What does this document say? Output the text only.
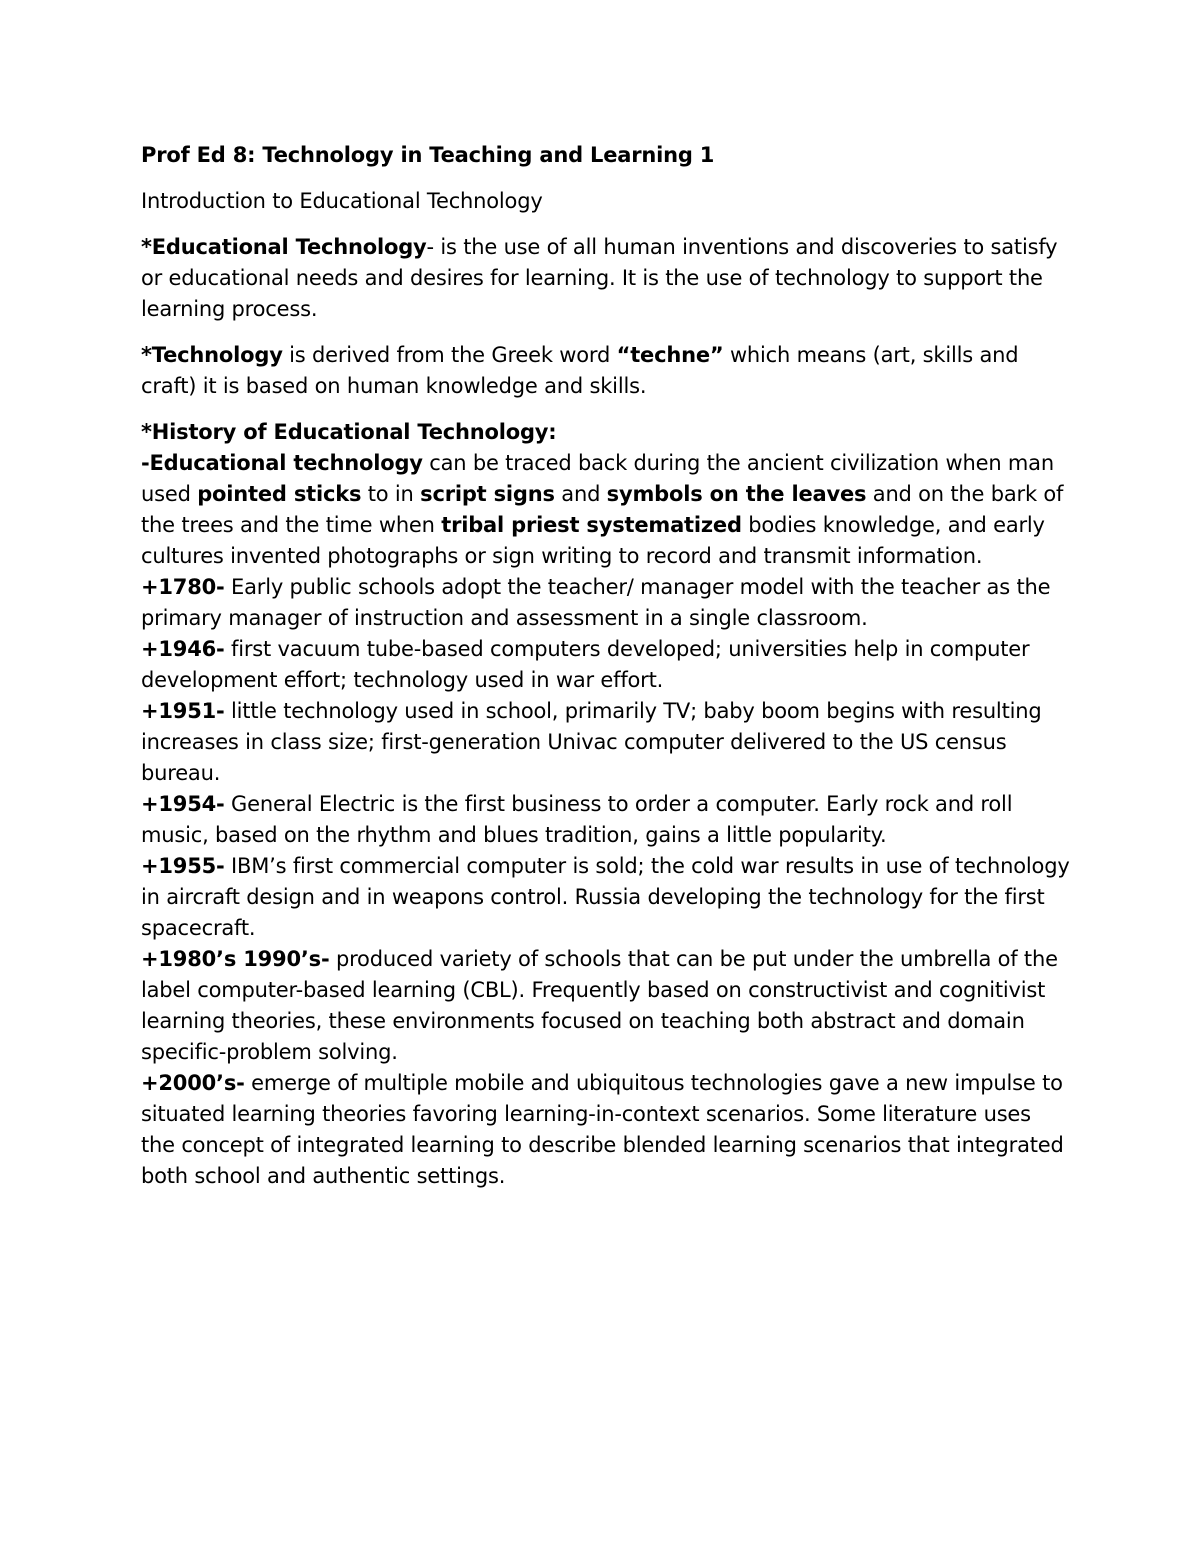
Prof Ed 8: Technology in Teaching and Learning 1

Introduction to Educational Technology

*Educational Technology- is the use of all human inventions and discoveries to satisfy or educational needs and desires for learning. It is the use of technology to support the learning process.

*Technology is derived from the Greek word “techne” which means (art, skills and craft) it is based on human knowledge and skills.

*History of Educational Technology:

-Educational technology can be traced back during the ancient civilization when man used pointed sticks to in script signs and symbols on the leaves and on the bark of the trees and the time when tribal priest systematized bodies knowledge, and early cultures invented photographs or sign writing to record and transmit information.

+1780- Early public schools adopt the teacher/ manager model with the teacher as the primary manager of instruction and assessment in a single classroom.

+1946- first vacuum tube-based computers developed; universities help in computer development effort; technology used in war effort.

+1951- little technology used in school, primarily TV; baby boom begins with resulting increases in class size; first-generation Univac computer delivered to the US census bureau.

+1954- General Electric is the first business to order a computer. Early rock and roll music, based on the rhythm and blues tradition, gains a little popularity.

+1955- IBM’s first commercial computer is sold; the cold war results in use of technology in aircraft design and in weapons control. Russia developing the technology for the first spacecraft.

+1980’s 1990’s- produced variety of schools that can be put under the umbrella of the label computer-based learning (CBL). Frequently based on constructivist and cognitivist learning theories, these environments focused on teaching both abstract and domain specific-problem solving.

+2000’s- emerge of multiple mobile and ubiquitous technologies gave a new impulse to situated learning theories favoring learning-in-context scenarios. Some literature uses the concept of integrated learning to describe blended learning scenarios that integrated both school and authentic settings.
